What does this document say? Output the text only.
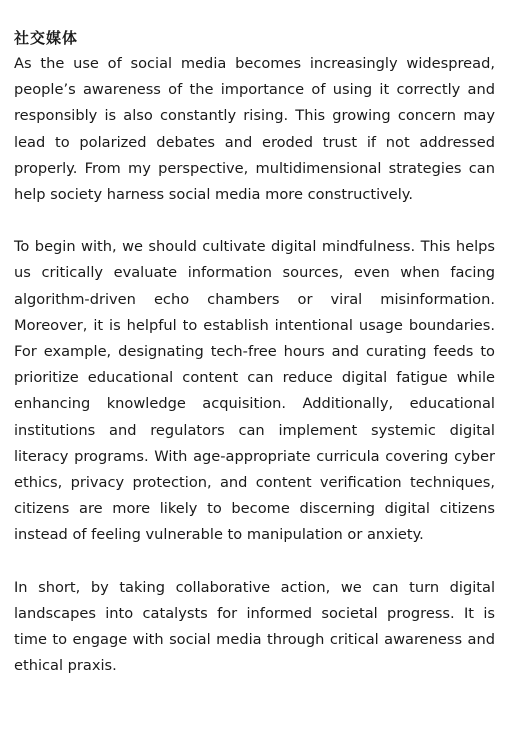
社交媒体

As the use of social media becomes increasingly widespread, people’s awareness of the importance of using it correctly and responsibly is also constantly rising. This growing concern may lead to polarized debates and eroded trust if not addressed properly. From my perspective, multidimensional strategies can help society harness social media more constructively.

To begin with, we should cultivate digital mindfulness. This helps us critically evaluate information sources, even when facing algorithm-driven echo chambers or viral misinformation. Moreover, it is helpful to establish intentional usage boundaries. For example, designating tech-free hours and curating feeds to prioritize educational content can reduce digital fatigue while enhancing knowledge acquisition. Additionally, educational institutions and regulators can implement systemic digital literacy programs. With age-appropriate curricula covering cyber ethics, privacy protection, and content verification techniques, citizens are more likely to become discerning digital citizens instead of feeling vulnerable to manipulation or anxiety.

In short, by taking collaborative action, we can turn digital landscapes into catalysts for informed societal progress. It is time to engage with social media through critical awareness and ethical praxis.
